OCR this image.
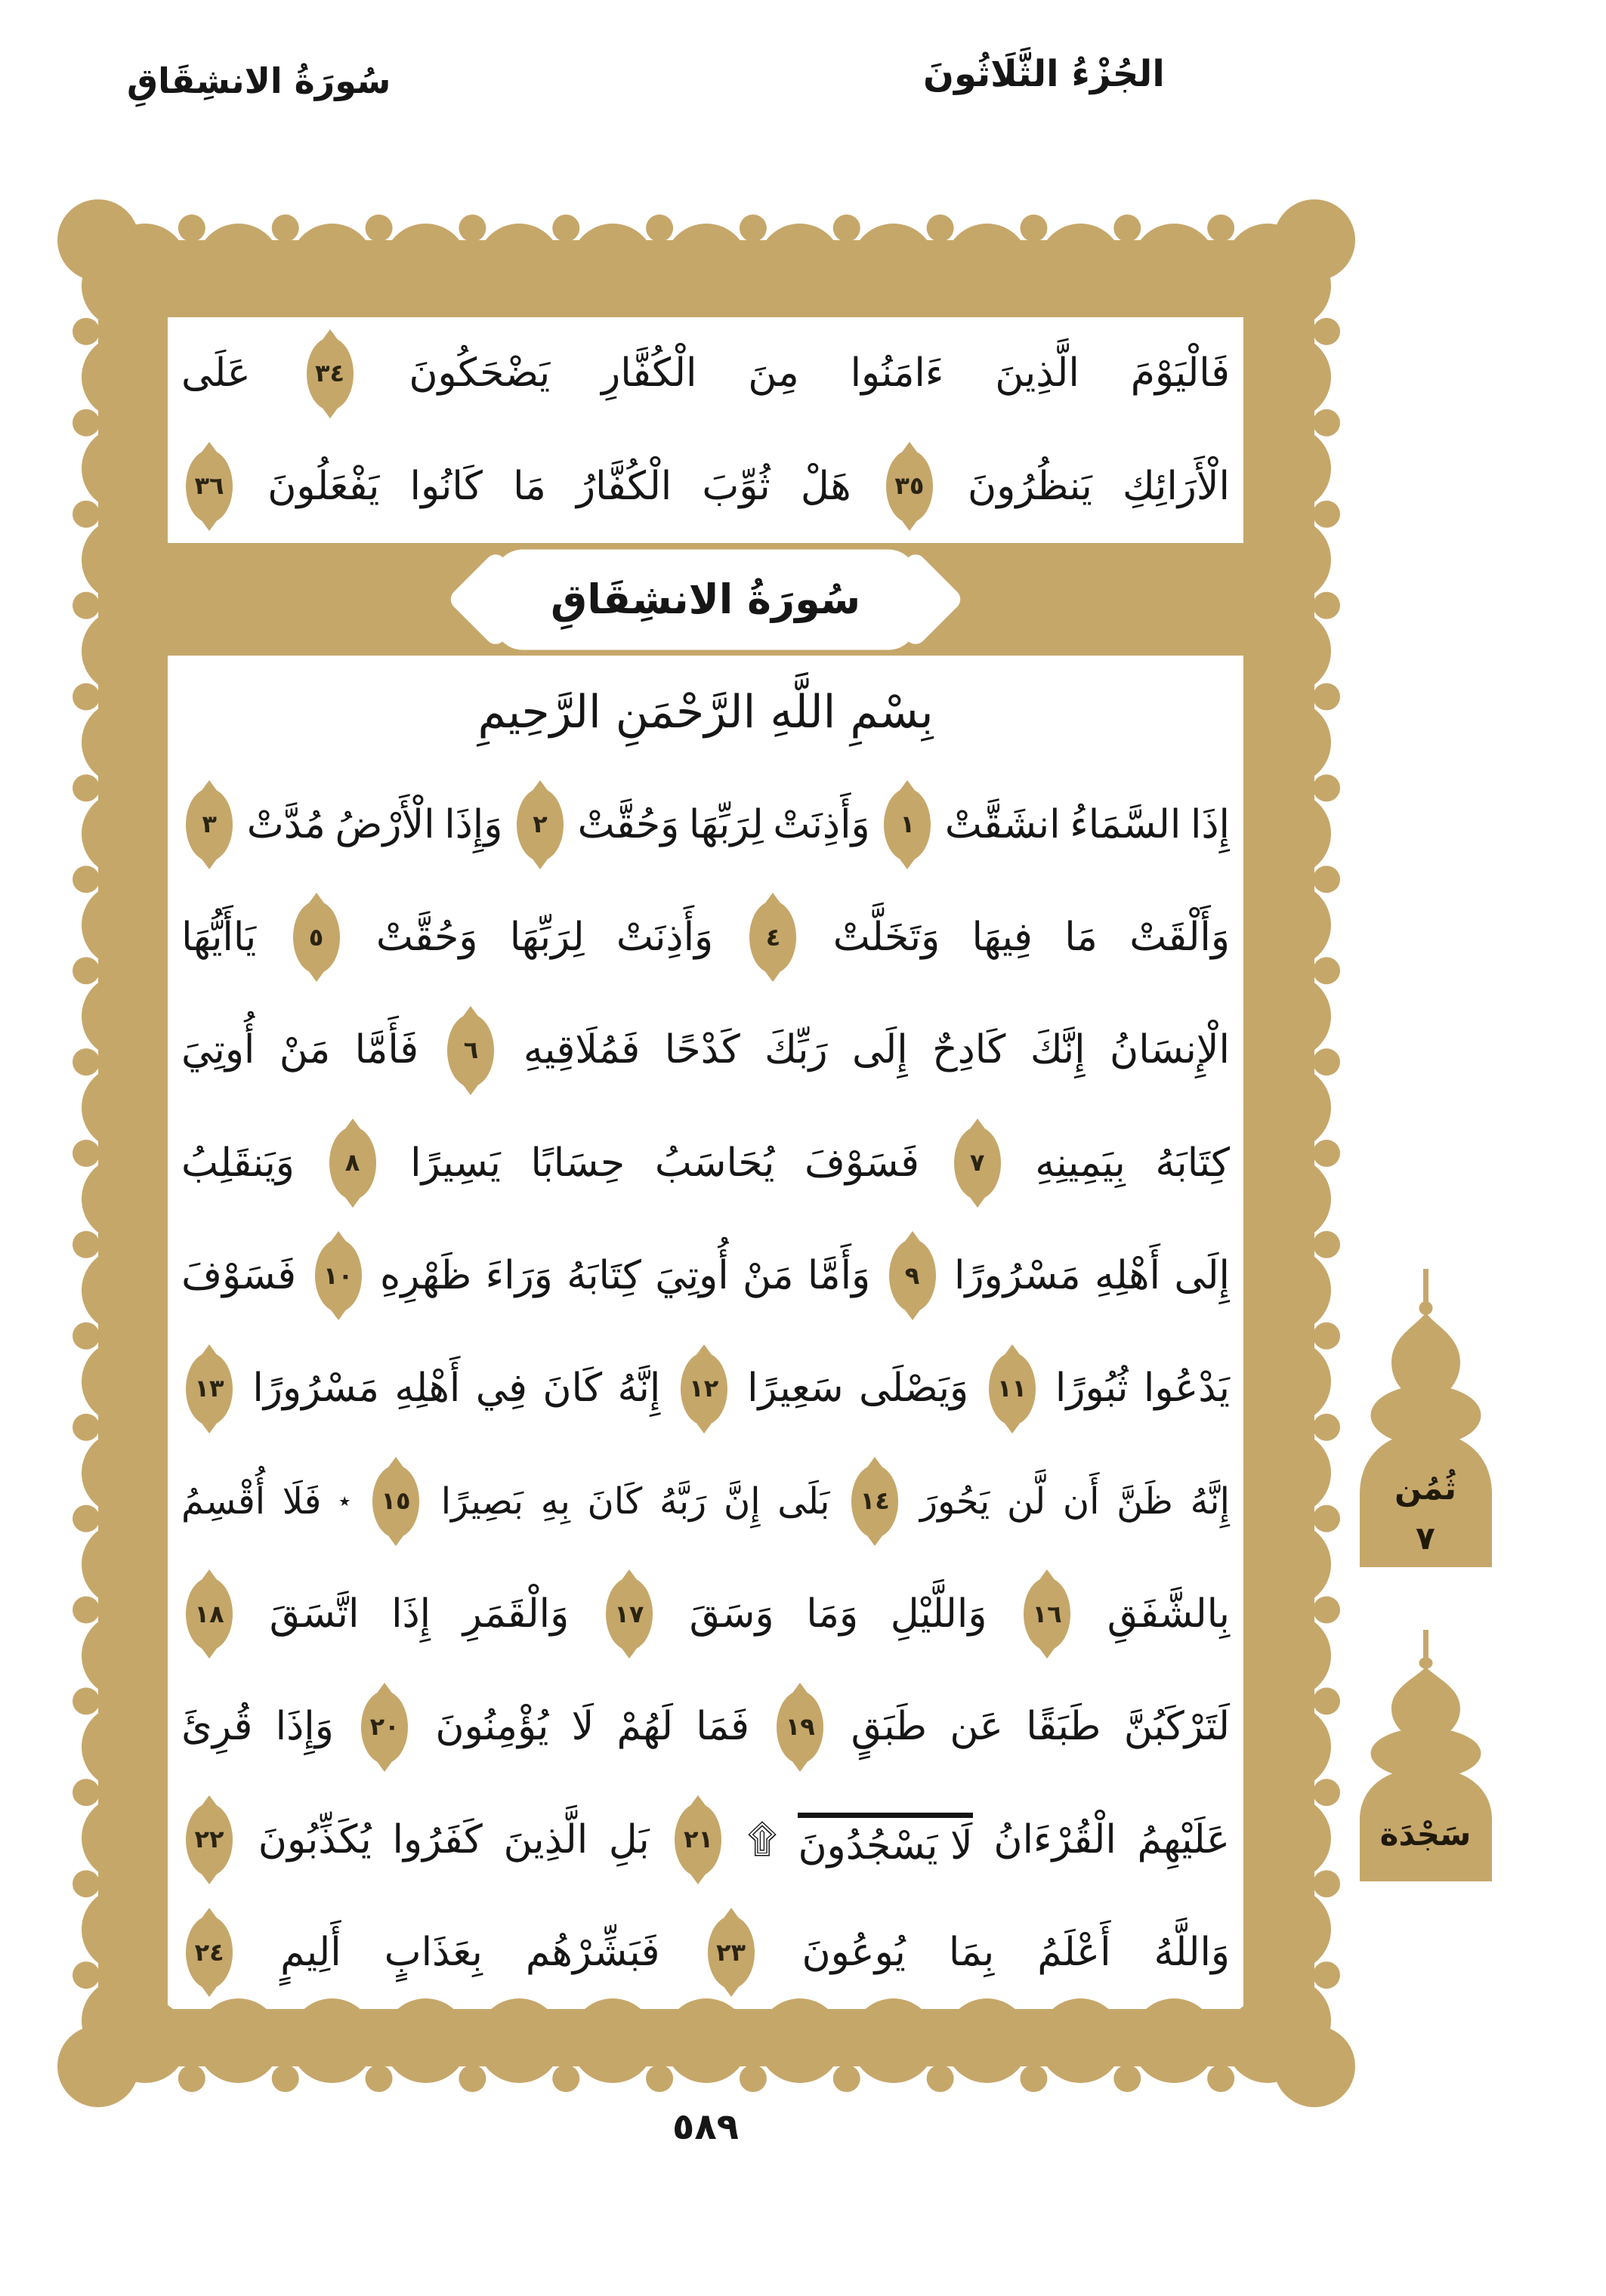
سُورَةُ الانشِقَاقِ	الجُزْءُ الثَّلَاثُونَ
سُورَةُ الانشِقَاقِ
بِسْمِ اللَّهِ الرَّحْمَنِ الرَّحِيمِ
فَالْيَوْمَ
الَّذِينَ
ءَامَنُوا
مِنَ
الْكُفَّارِ
يَضْحَكُونَ
٣٤
عَلَى
الْأَرَائِكِ
يَنظُرُونَ
٣٥
هَلْ
ثُوِّبَ
الْكُفَّارُ
مَا
كَانُوا
يَفْعَلُونَ
٣٦
إِذَا
السَّمَاءُ
انشَقَّتْ
١
وَأَذِنَتْ
لِرَبِّهَا
وَحُقَّتْ
٢
وَإِذَا
الْأَرْضُ
مُدَّتْ
٣
وَأَلْقَتْ
مَا
فِيهَا
وَتَخَلَّتْ
٤
وَأَذِنَتْ
لِرَبِّهَا
وَحُقَّتْ
٥
يَاأَيُّهَا
الْإِنسَانُ
إِنَّكَ
كَادِحٌ
إِلَى
رَبِّكَ
كَدْحًا
فَمُلَاقِيهِ
٦
فَأَمَّا
مَنْ
أُوتِيَ
كِتَابَهُ
بِيَمِينِهِ
٧
فَسَوْفَ
يُحَاسَبُ
حِسَابًا
يَسِيرًا
٨
وَيَنقَلِبُ
إِلَى
أَهْلِهِ
مَسْرُورًا
٩
وَأَمَّا
مَنْ
أُوتِيَ
كِتَابَهُ
وَرَاءَ
ظَهْرِهِ
١٠
فَسَوْفَ
يَدْعُوا
ثُبُورًا
١١
وَيَصْلَى
سَعِيرًا
١٢
إِنَّهُ
كَانَ
فِي
أَهْلِهِ
مَسْرُورًا
١٣
إِنَّهُ
ظَنَّ
أَن
لَّن
يَحُورَ
١٤
بَلَى
إِنَّ
رَبَّهُ
كَانَ
بِهِ
بَصِيرًا
١٥
٭
فَلَا
أُقْسِمُ
بِالشَّفَقِ
١٦
وَاللَّيْلِ
وَمَا
وَسَقَ
١٧
وَالْقَمَرِ
إِذَا
اتَّسَقَ
١٨
لَتَرْكَبُنَّ
طَبَقًا
عَن
طَبَقٍ
١٩
فَمَا
لَهُمْ
لَا
يُؤْمِنُونَ
٢٠
وَإِذَا
قُرِئَ
عَلَيْهِمُ
الْقُرْءَانُ
لَا يَسْجُدُونَ
۩
٢١
بَلِ
الَّذِينَ
كَفَرُوا
يُكَذِّبُونَ
٢٢
وَاللَّهُ
أَعْلَمُ
بِمَا
يُوعُونَ
٢٣
فَبَشِّرْهُم
بِعَذَابٍ
أَلِيمٍ
٢٤
ثُمُن
٧
سَجْدَة
٥٨٩
